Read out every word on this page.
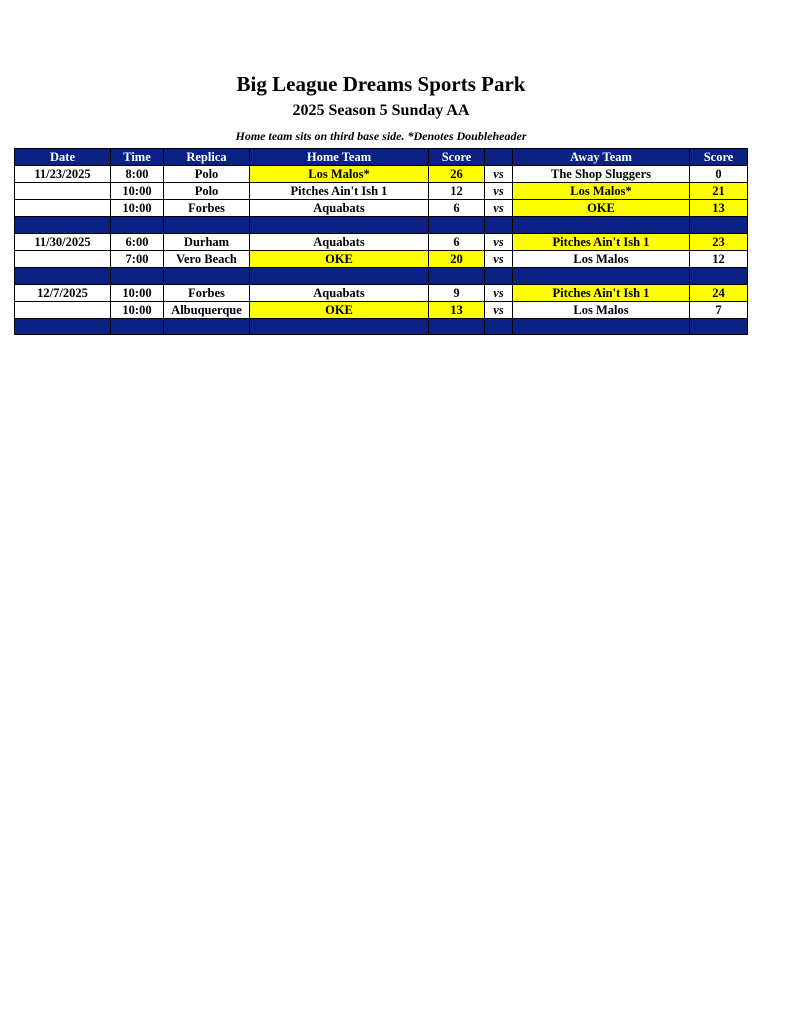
Big League Dreams Sports Park
2025 Season 5 Sunday AA
Home team sits on third base side. *Denotes Doubleheader
Date	Time	Replica	Home Team	Score		Away Team	Score
11/23/2025	8:00	Polo	Los Malos*	26	vs	The Shop Sluggers	0
	10:00	Polo	Pitches Ain't Ish 1	12	vs	Los Malos*	21
	10:00	Forbes	Aquabats	6	vs	OKE	13

11/30/2025	6:00	Durham	Aquabats	6	vs	Pitches Ain't Ish 1	23
	7:00	Vero Beach	OKE	20	vs	Los Malos	12

12/7/2025	10:00	Forbes	Aquabats	9	vs	Pitches Ain't Ish 1	24
	10:00	Albuquerque	OKE	13	vs	Los Malos	7
